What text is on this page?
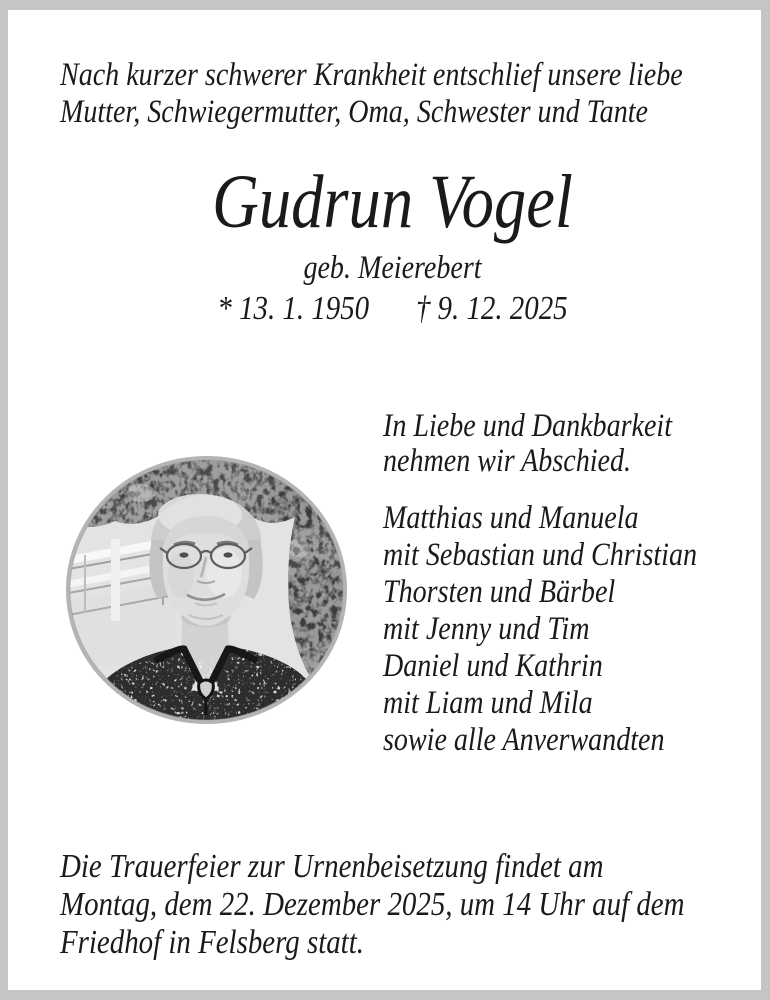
Nach kurzer schwerer Krankheit entschlief unsere liebe
Mutter, Schwiegermutter, Oma, Schwester und Tante
Gudrun Vogel
geb. Meierebert
* 13. 1. 1950 † 9. 12. 2025
In Liebe und Dankbarkeit
nehmen wir Abschied.
Matthias und Manuela
mit Sebastian und Christian
Thorsten und Bärbel
mit Jenny und Tim
Daniel und Kathrin
mit Liam und Mila
sowie alle Anverwandten
Die Trauerfeier zur Urnenbeisetzung findet am
Montag, dem 22. Dezember 2025, um 14 Uhr auf dem
Friedhof in Felsberg statt.
